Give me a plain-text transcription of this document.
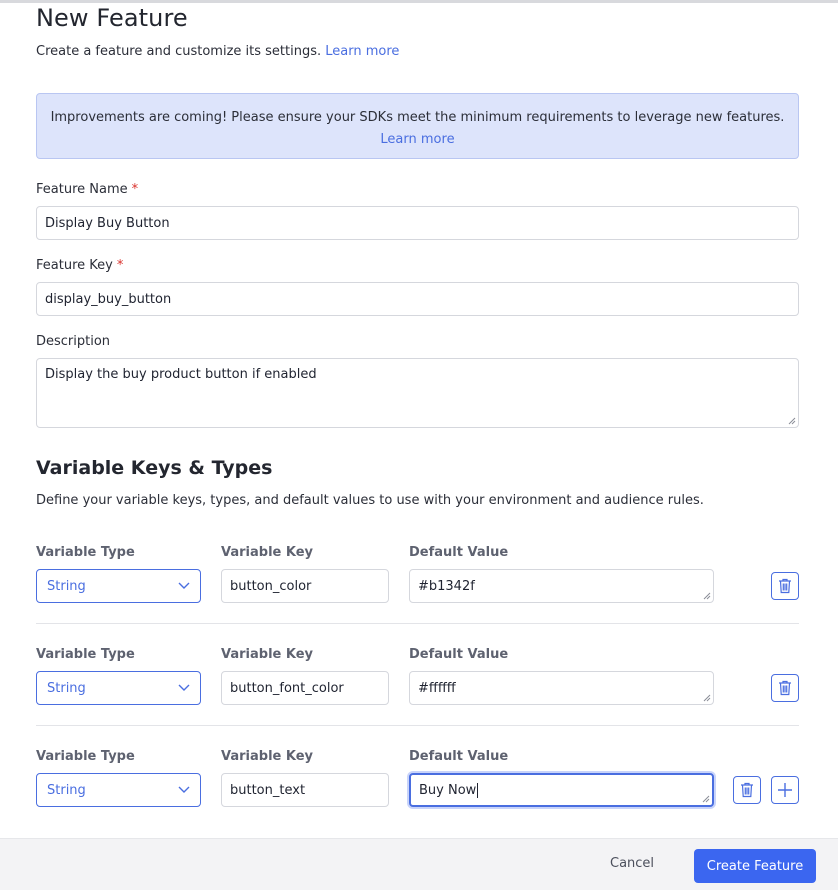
New Feature
Create a feature and customize its settings. Learn more
Improvements are coming! Please ensure your SDKs meet the minimum requirements to leverage new features.
Learn more
Feature Name *
Display Buy Button
Feature Key *
display_buy_button
Description
Display the buy product button if enabled
Variable Keys & Types
Define your variable keys, types, and default values to use with your environment and audience rules.
Variable Type	Variable Key	Default Value
String	button_color	#b1342f
Variable Type	Variable Key	Default Value
String	button_font_color	#ffffff
Variable Type	Variable Key	Default Value
String	button_text	Buy Now
Cancel	Create Feature
